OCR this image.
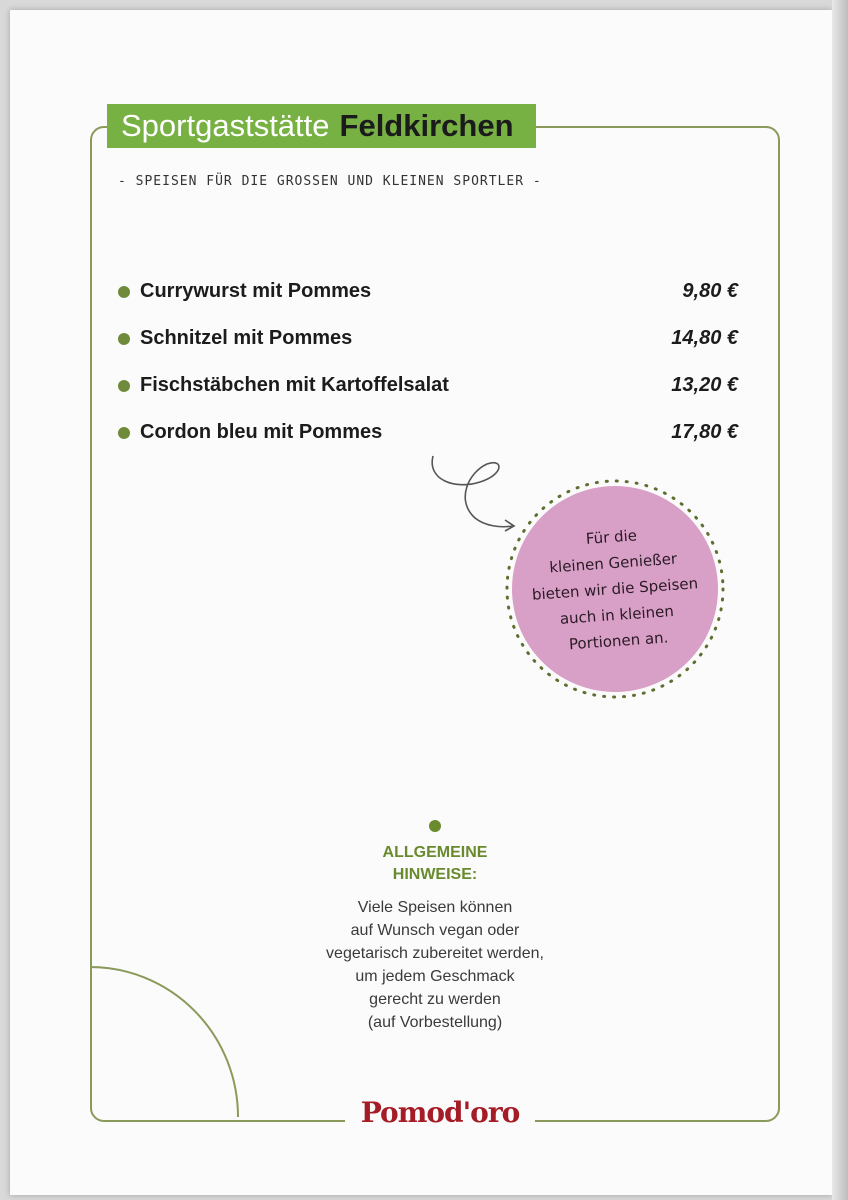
Sportgaststätte Feldkirchen
- SPEISEN FÜR DIE GROSSEN UND KLEINEN SPORTLER -
Currywurst mit Pommes	9,80 €
Schnitzel mit Pommes	14,80 €
Fischstäbchen mit Kartoffelsalat	13,20 €
Cordon bleu mit Pommes	17,80 €
Für die
kleinen Genießer
bieten wir die Speisen
auch in kleinen
Portionen an.
ALLGEMEINE
HINWEISE:
Viele Speisen können
auf Wunsch vegan oder
vegetarisch zubereitet werden,
um jedem Geschmack
gerecht zu werden
(auf Vorbestellung)
Pomod'oro
